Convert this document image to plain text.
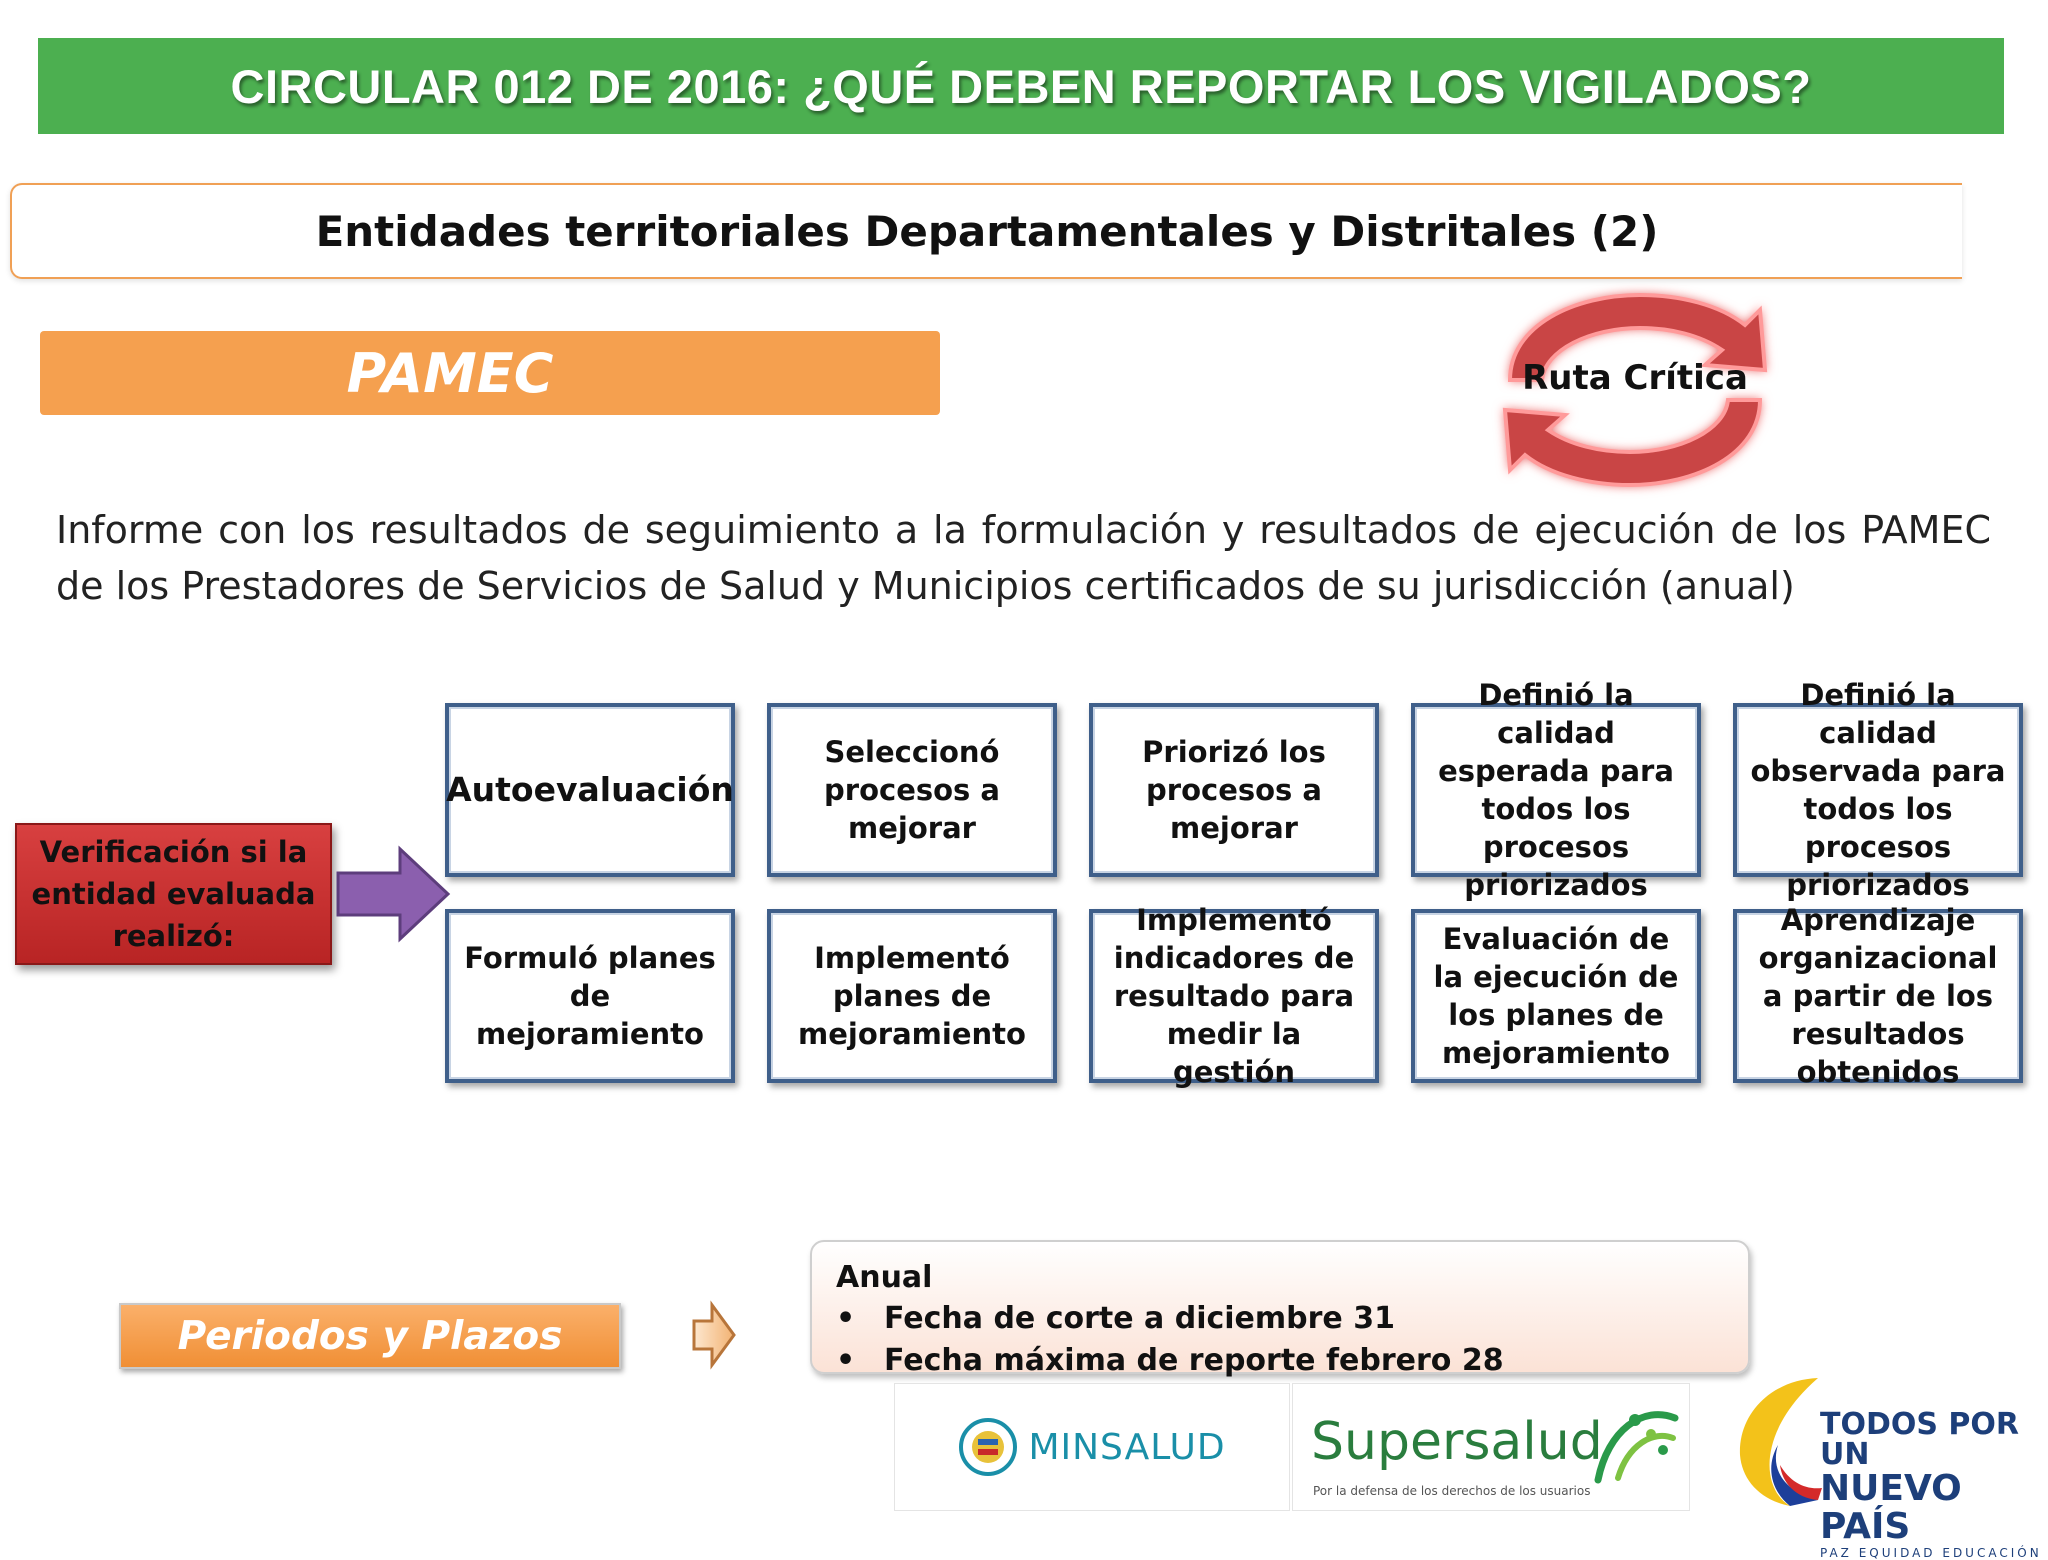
CIRCULAR 012 DE 2016: ¿QUÉ DEBEN REPORTAR LOS VIGILADOS?
Entidades territoriales Departamentales y Distritales (2)
PAMEC	Ruta Crítica
Informe con los resultados de seguimiento a la formulación y resultados de ejecución de los PAMEC de los Prestadores de Servicios de Salud y Municipios certificados de su jurisdicción (anual)
Verificación si la entidad evaluada realizó:
Autoevaluación
Seleccionó procesos a mejorar
Priorizó los procesos a mejorar
Definió la calidad esperada para todos los procesos priorizados
Definió la calidad observada para todos los procesos priorizados
Formuló planes de mejoramiento
Implementó planes de mejoramiento
Implementó indicadores de resultado para medir la gestión
Evaluación de la ejecución de los planes de mejoramiento
Aprendizaje organizacional a partir de los resultados obtenidos
Periodos y Plazos
Anual
• Fecha de corte a diciembre 31
• Fecha máxima de reporte febrero 28
MINSALUD Supersalud
Por la defensa de los derechos de los usuarios
TODOS POR UN
NUEVO PAÍS
PAZ EQUIDAD EDUCACIÓN
